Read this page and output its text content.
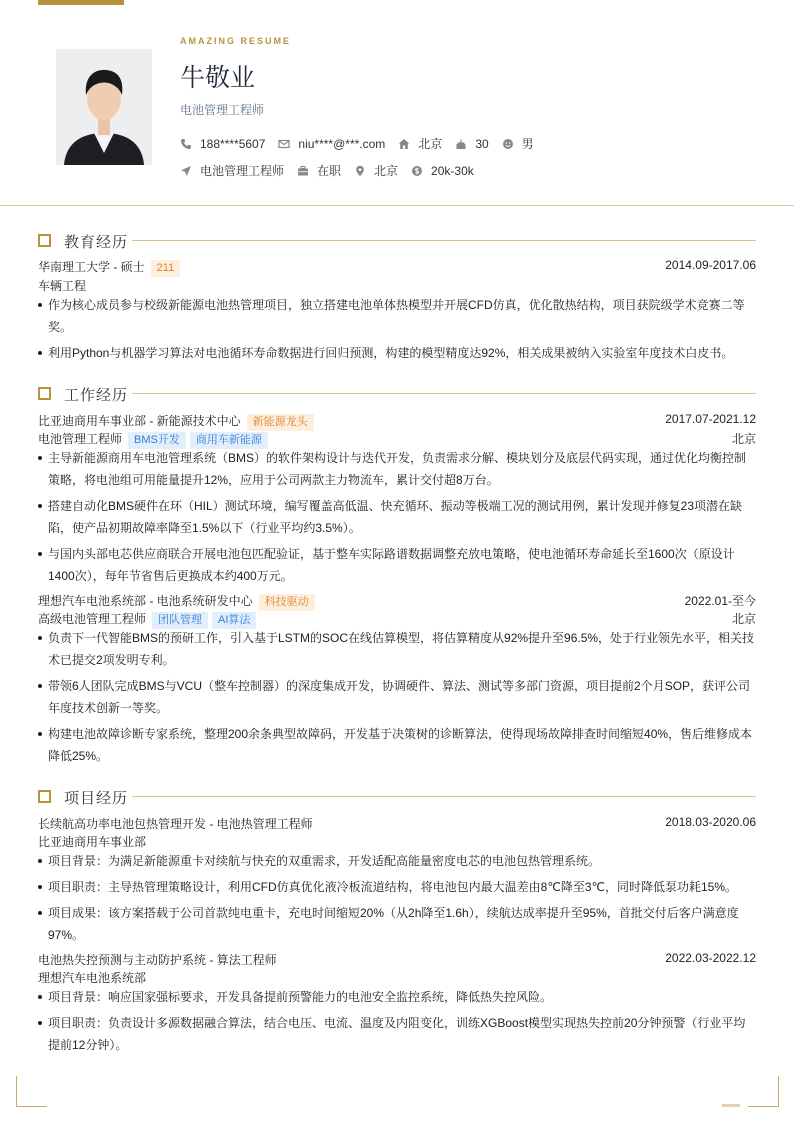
AMAZING RESUME
牛敬业
电池管理工程师
188****5607	niu****@***.com	北京	30	男
电池管理工程师	在职	北京	20k-30k
教育经历
华南理工大学 - 硕士 211	2014.09-2017.06
车辆工程
作为核心成员参与校级新能源电池热管理项目，独立搭建电池单体热模型并开展CFD仿真，优化散热结构，项目获院级学术竞赛二等奖。
利用Python与机器学习算法对电池循环寿命数据进行回归预测，构建的模型精度达92%，相关成果被纳入实验室年度技术白皮书。
工作经历
比亚迪商用车事业部 - 新能源技术中心 新能源龙头	2017.07-2021.12
电池管理工程师 BMS开发 商用车新能源	北京
主导新能源商用车电池管理系统（BMS）的软件架构设计与迭代开发，负责需求分解、模块划分及底层代码实现，通过优化均衡控制策略，将电池组可用能量提升12%，应用于公司两款主力物流车，累计交付超8万台。
搭建自动化BMS硬件在环（HIL）测试环境，编写覆盖高低温、快充循环、振动等极端工况的测试用例，累计发现并修复23项潜在缺陷，使产品初期故障率降至1.5%以下（行业平均约3.5%）。
与国内头部电芯供应商联合开展电池包匹配验证，基于整车实际路谱数据调整充放电策略，使电池循环寿命延长至1600次（原设计1400次），每年节省售后更换成本约400万元。
理想汽车电池系统部 - 电池系统研发中心 科技驱动	2022.01-至今
高级电池管理工程师 团队管理 AI算法	北京
负责下一代智能BMS的预研工作，引入基于LSTM的SOC在线估算模型，将估算精度从92%提升至96.5%，处于行业领先水平，相关技术已提交2项发明专利。
带领6人团队完成BMS与VCU（整车控制器）的深度集成开发，协调硬件、算法、测试等多部门资源，项目提前2个月SOP，获评公司年度技术创新一等奖。
构建电池故障诊断专家系统，整理200余条典型故障码，开发基于决策树的诊断算法，使得现场故障排查时间缩短40%，售后维修成本降低25%。
项目经历
长续航高功率电池包热管理开发 - 电池热管理工程师	2018.03-2020.06
比亚迪商用车事业部
项目背景：为满足新能源重卡对续航与快充的双重需求，开发适配高能量密度电芯的电池包热管理系统。
项目职责：主导热管理策略设计，利用CFD仿真优化液冷板流道结构，将电池包内最大温差由8℃降至3℃，同时降低泵功耗15%。
项目成果：该方案搭载于公司首款纯电重卡，充电时间缩短20%（从2h降至1.6h），续航达成率提升至95%，首批交付后客户满意度97%。
电池热失控预测与主动防护系统 - 算法工程师	2022.03-2022.12
理想汽车电池系统部
项目背景：响应国家强标要求，开发具备提前预警能力的电池安全监控系统，降低热失控风险。
项目职责：负责设计多源数据融合算法，结合电压、电流、温度及内阻变化，训练XGBoost模型实现热失控前20分钟预警（行业平均提前12分钟）。
